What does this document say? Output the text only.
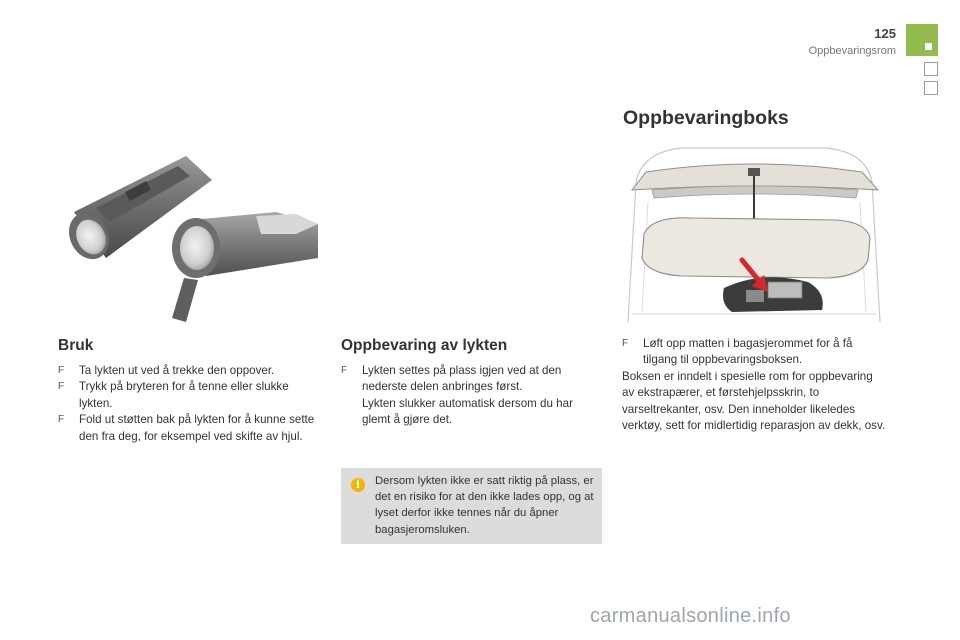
125
Oppbevaringsrom
Bruk
F Ta lykten ut ved å trekke den oppover.
F Trykk på bryteren for å tenne eller slukke lykten.
F Fold ut støtten bak på lykten for å kunne sette den fra deg, for eksempel ved skifte av hjul.
Oppbevaring av lykten
F Lykten settes på plass igjen ved at den nederste delen anbringes først.
Lykten slukker automatisk dersom du har glemt å gjøre det.
i	Dersom lykten ikke er satt riktig på plass, er det en risiko for at den ikke lades opp, og at lyset derfor ikke tennes når du åpner bagasjeromsluken.
Oppbevaringboks
F Løft opp matten i bagasjerommet for å få tilgang til oppbevaringsboksen.

Boksen er inndelt i spesielle rom for oppbevaring av ekstrapærer, et førstehjelpsskrin, to varseltrekanter, osv. Den inneholder likeledes verktøy, sett for midlertidig reparasjon av dekk, osv.

carmanualsonline.info
